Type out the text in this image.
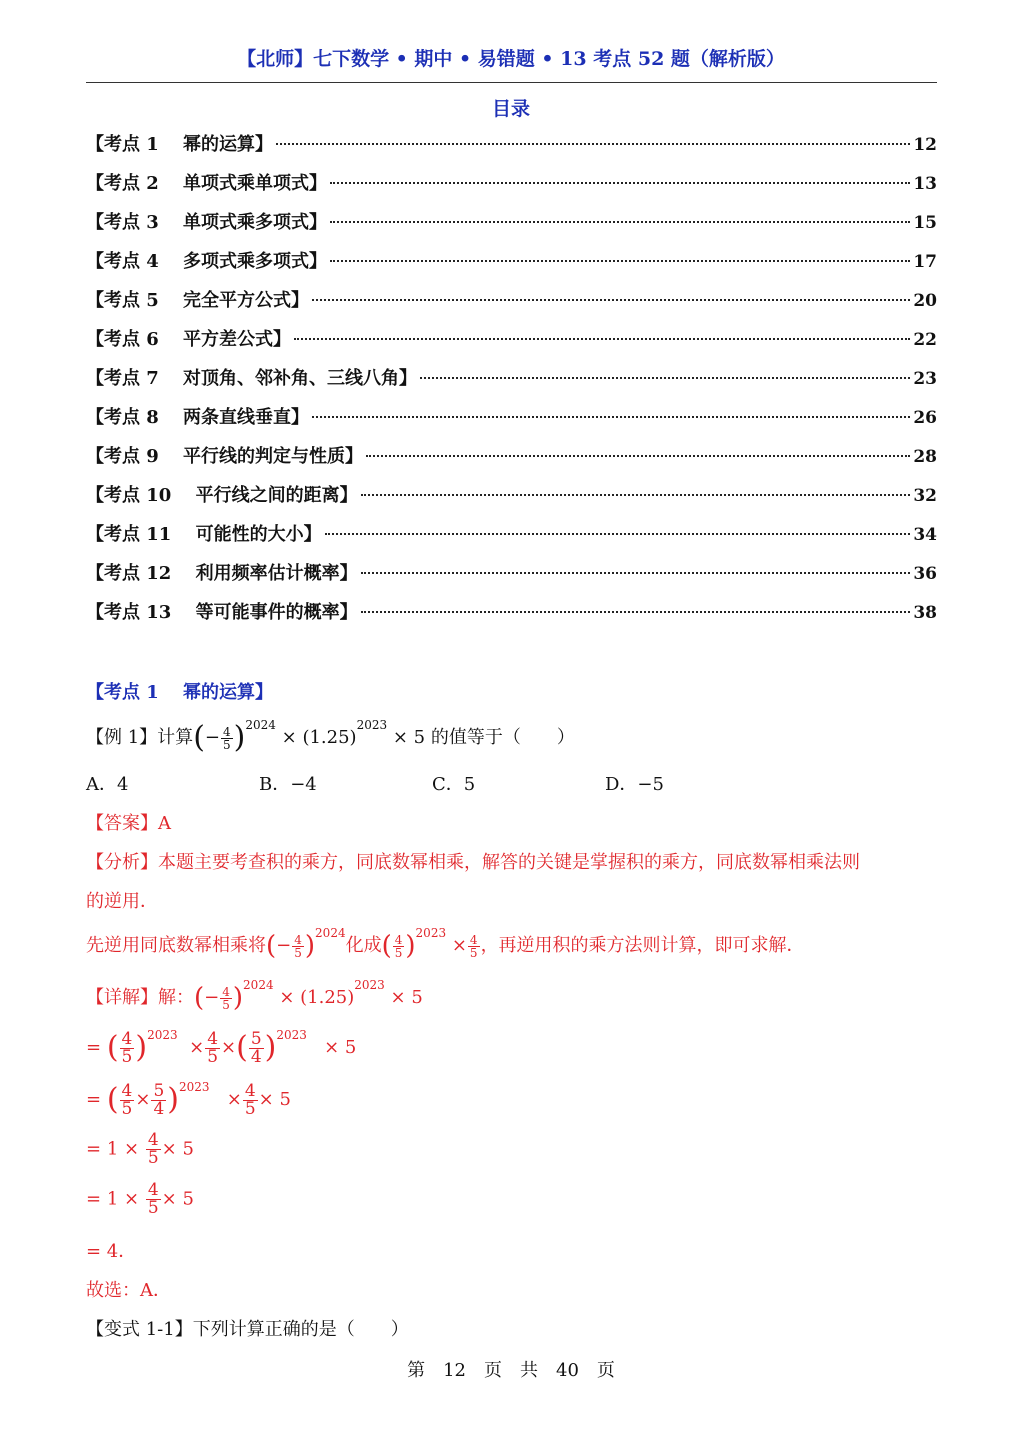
【北师】七下数学 • 期中 • 易错题 • 13 考点 52 题（解析版）
目录
【考点 1　 幂的运算】	12
【考点 2　 单项式乘单项式】	13
【考点 3　 单项式乘多项式】	15
【考点 4　 多项式乘多项式】	17
【考点 5　 完全平方公式】	20
【考点 6　 平方差公式】	22
【考点 7　 对顶角、邻补角、三线八角】	23
【考点 8　 两条直线垂直】	26
【考点 9　 平行线的判定与性质】	28
【考点 10　 平行线之间的距离】	32
【考点 11　 可能性的大小】	34
【考点 12　 利用频率估计概率】	36
【考点 13　 等可能事件的概率】	38
【考点 1　 幂的运算】
【例 1】计算(− $\frac{4}{5} )^{2024} \times (1.25)^{2023} \times 5$ 的值等于（　　）
A．4	B．−4	C．5	D．−5
【答案】A
【分析】本题主要考查积的乘方，同底数幂相乘，解答的关键是掌握积的乘方，同底数幂相乘法则
的逆用．
先逆用同底数幂相乘将(− $\frac{4}{5} )^{2024}$化成( $\frac{4}{5} )^{2023} \times \frac{4}{5}$ ，再逆用积的乘方法则计算，即可求解．
【详解】解：(− $\frac{4}{5} )^{2024} \times (1.25)^{2023} \times 5$
= ( $\frac{4}{5} )^{2023} \times \frac{4}{5}$ ×( $\frac{5}{4} )^{2023} \times 5$
= ( $\frac{4}{5} \times \frac{5}{4} )^{2023} \times \frac{4}{5} \times 5$
= $1 \times \frac{4}{5} \times 5$
= $1 \times \frac{4}{5} \times 5$
= 4．
故选：A．
【变式 1-1】下列计算正确的是（　　）
第　12　页　共　40　页
